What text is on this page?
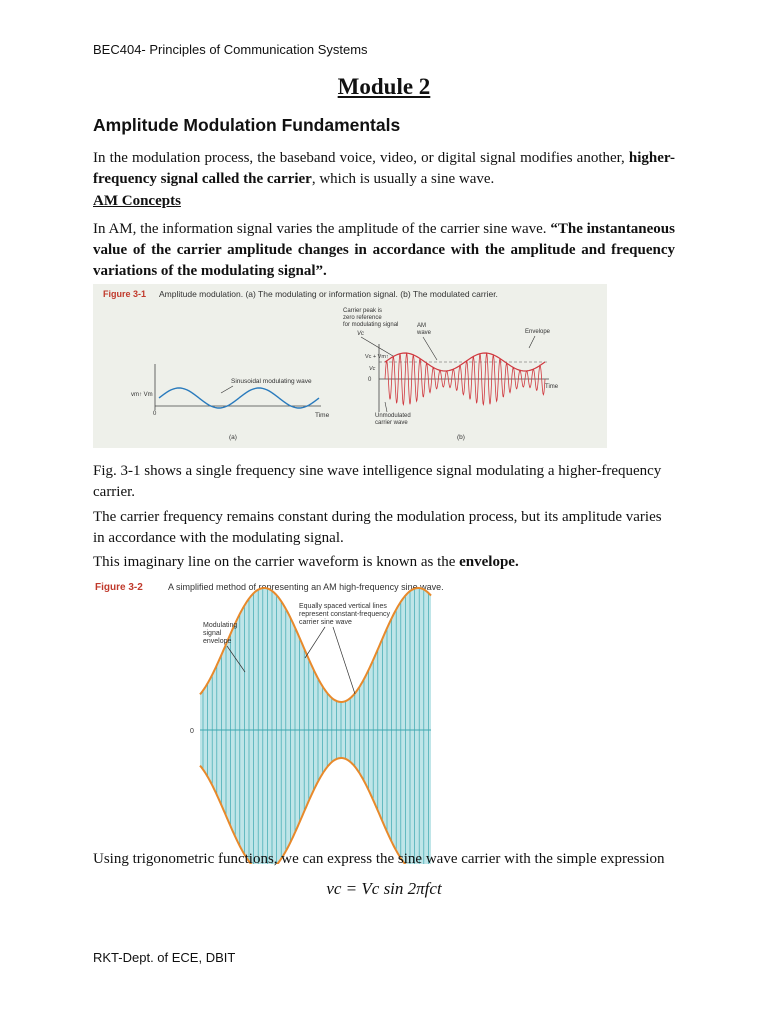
BEC404- Principles of Communication Systems
Module 2
Amplitude Modulation Fundamentals
In the modulation process, the baseband voice, video, or digital signal modifies another, higher-frequency signal called the carrier, which is usually a sine wave.
AM Concepts
In AM, the information signal varies the amplitude of the carrier sine wave. “The instantaneous value of the carrier amplitude changes in accordance with the amplitude and frequency variations of the modulating signal”.
Figure 3-1 Amplitude modulation. (a) The modulating or information signal. (b) The modulated carrier.
vm↑ Vm
0
Sinusoidal modulating wave
Time
(a)
Carrier peak is
zero reference
for modulating signal
Vc
AM
wave	Envelope
Vc + Vm↑
Vc
0
Time
Unmodulated
carrier wave
(b)
Fig. 3-1 shows a single frequency sine wave intelligence signal modulating a higher-frequency carrier.
The carrier frequency remains constant during the modulation process, but its amplitude varies in accordance with the modulating signal.
This imaginary line on the carrier waveform is known as the envelope.
Figure 3-2	A simplified method of representing an AM high-frequency sine wave.
0
Modulating
signal
envelope
Equally spaced vertical lines
represent constant-frequency
carrier sine wave
Using trigonometric functions, we can express the sine wave carrier with the simple expression
vc = Vc sin 2πfct
RKT-Dept. of ECE, DBIT
